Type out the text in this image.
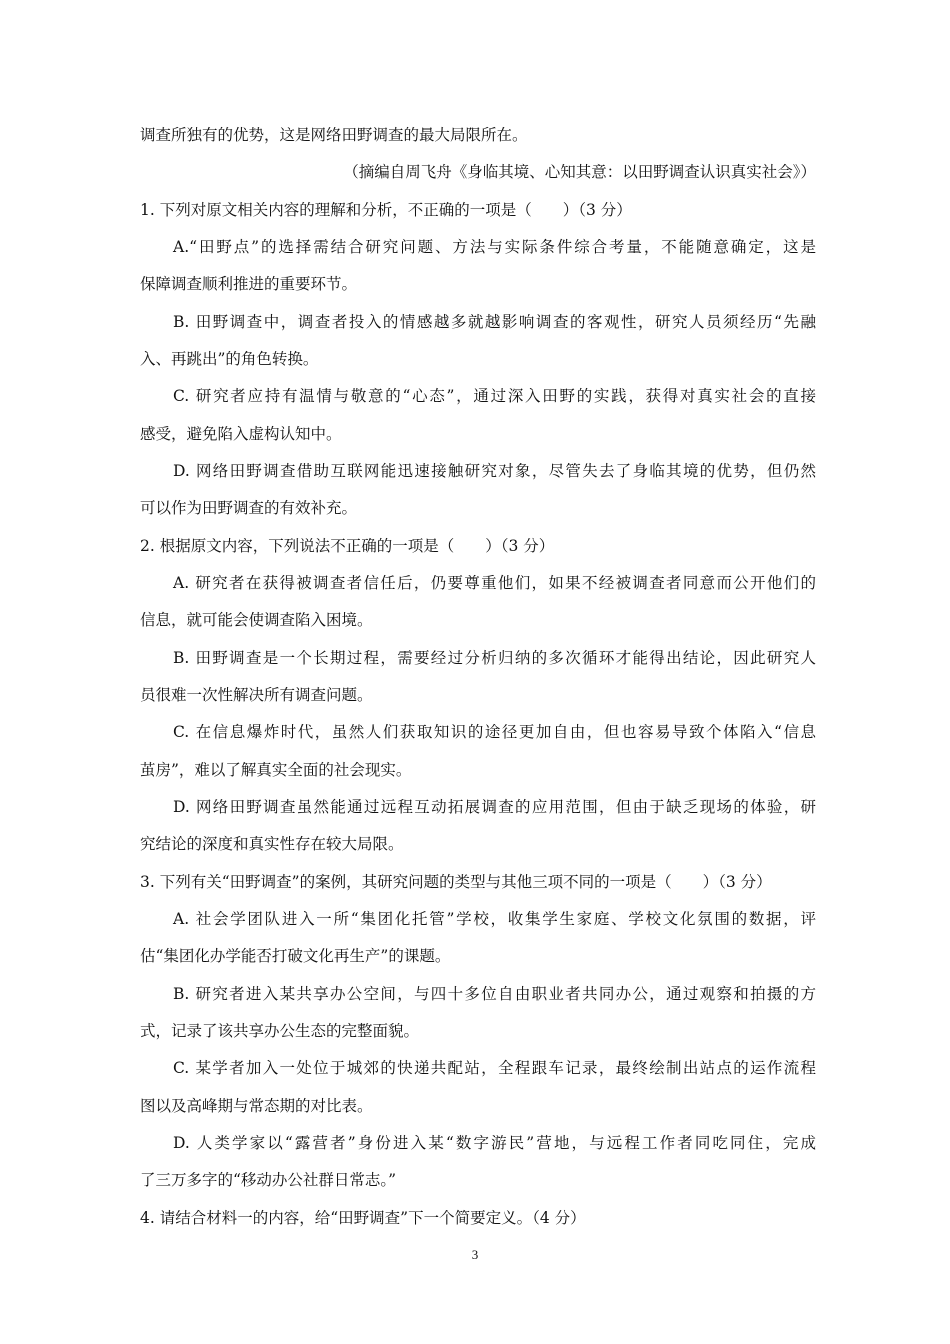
调查所独有的优势，这是网络田野调查的最大局限所在。
（摘编自周飞舟《身临其境、心知其意：以田野调查认识真实社会》）
1. 下列对原文相关内容的理解和分析，不正确的一项是（　　）（3 分）
A.“田野点”的选择需结合研究问题、方法与实际条件综合考量，不能随意确定，这是
保障调查顺利推进的重要环节。
B. 田野调查中，调查者投入的情感越多就越影响调查的客观性，研究人员须经历“先融
入、再跳出”的角色转换。
C. 研究者应持有温情与敬意的“心态”，通过深入田野的实践，获得对真实社会的直接
感受，避免陷入虚构认知中。
D. 网络田野调查借助互联网能迅速接触研究对象，尽管失去了身临其境的优势，但仍然
可以作为田野调查的有效补充。
2. 根据原文内容，下列说法不正确的一项是（　　）（3 分）
A. 研究者在获得被调查者信任后，仍要尊重他们，如果不经被调查者同意而公开他们的
信息，就可能会使调查陷入困境。
B. 田野调查是一个长期过程，需要经过分析归纳的多次循环才能得出结论，因此研究人
员很难一次性解决所有调查问题。
C. 在信息爆炸时代，虽然人们获取知识的途径更加自由，但也容易导致个体陷入“信息
茧房”，难以了解真实全面的社会现实。
D. 网络田野调查虽然能通过远程互动拓展调查的应用范围，但由于缺乏现场的体验，研
究结论的深度和真实性存在较大局限。
3. 下列有关“田野调查”的案例，其研究问题的类型与其他三项不同的一项是（　　）（3 分）
A. 社会学团队进入一所“集团化托管”学校，收集学生家庭、学校文化氛围的数据，评
估“集团化办学能否打破文化再生产”的课题。
B. 研究者进入某共享办公空间，与四十多位自由职业者共同办公，通过观察和拍摄的方
式，记录了该共享办公生态的完整面貌。
C. 某学者加入一处位于城郊的快递共配站，全程跟车记录，最终绘制出站点的运作流程
图以及高峰期与常态期的对比表。
D. 人类学家以“露营者”身份进入某“数字游民”营地，与远程工作者同吃同住，完成
了三万多字的“移动办公社群日常志。”
4. 请结合材料一的内容，给“田野调查”下一个简要定义。（4 分）
3
